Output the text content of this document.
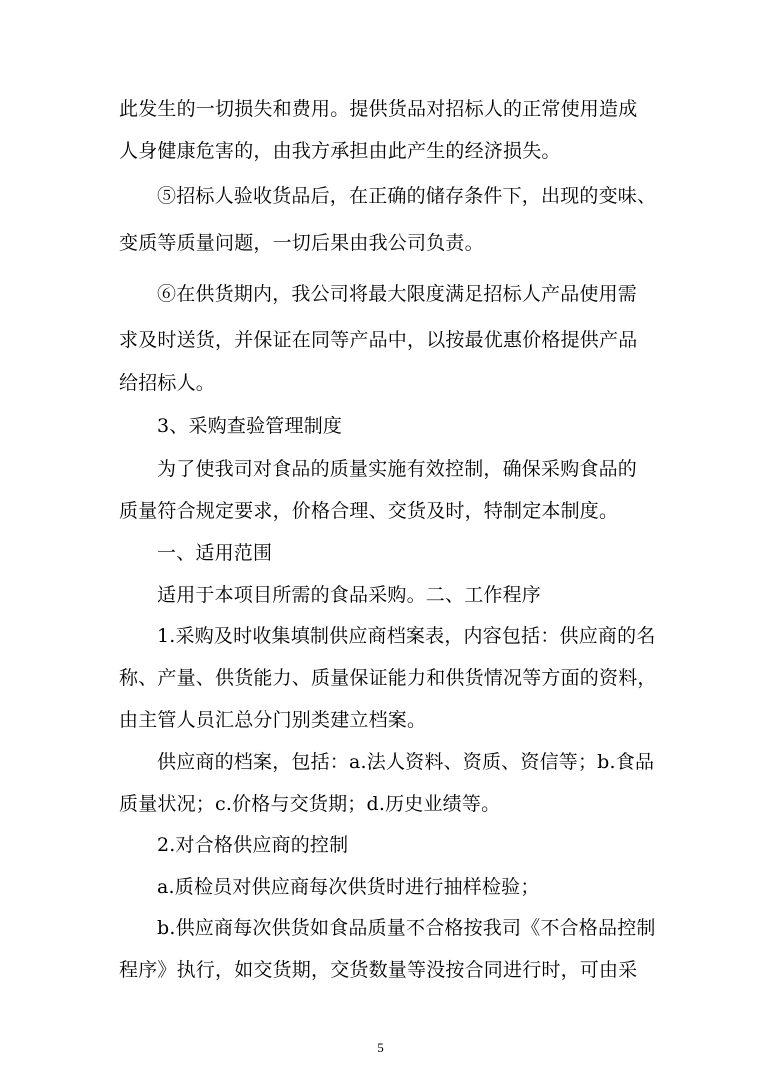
此发生的一切损失和费用。提供货品对招标人的正常使用造成
人身健康危害的，由我方承担由此产生的经济损失。
⑤招标人验收货品后，在正确的储存条件下，出现的变味、
变质等质量问题，一切后果由我公司负责。
⑥在供货期内，我公司将最大限度满足招标人产品使用需
求及时送货，并保证在同等产品中，以按最优惠价格提供产品
给招标人。
3、采购查验管理制度
为了使我司对食品的质量实施有效控制，确保采购食品的
质量符合规定要求，价格合理、交货及时，特制定本制度。
一、适用范围
适用于本项目所需的食品采购。二、工作程序
1.采购及时收集填制供应商档案表，内容包括：供应商的名
称、产量、供货能力、质量保证能力和供货情况等方面的资料，
由主管人员汇总分门别类建立档案。
供应商的档案，包括：a.法人资料、资质、资信等；b.食品
质量状况；c.价格与交货期；d.历史业绩等。
2.对合格供应商的控制
a.质检员对供应商每次供货时进行抽样检验；
b.供应商每次供货如食品质量不合格按我司《不合格品控制
程序》执行，如交货期，交货数量等没按合同进行时，可由采
5
